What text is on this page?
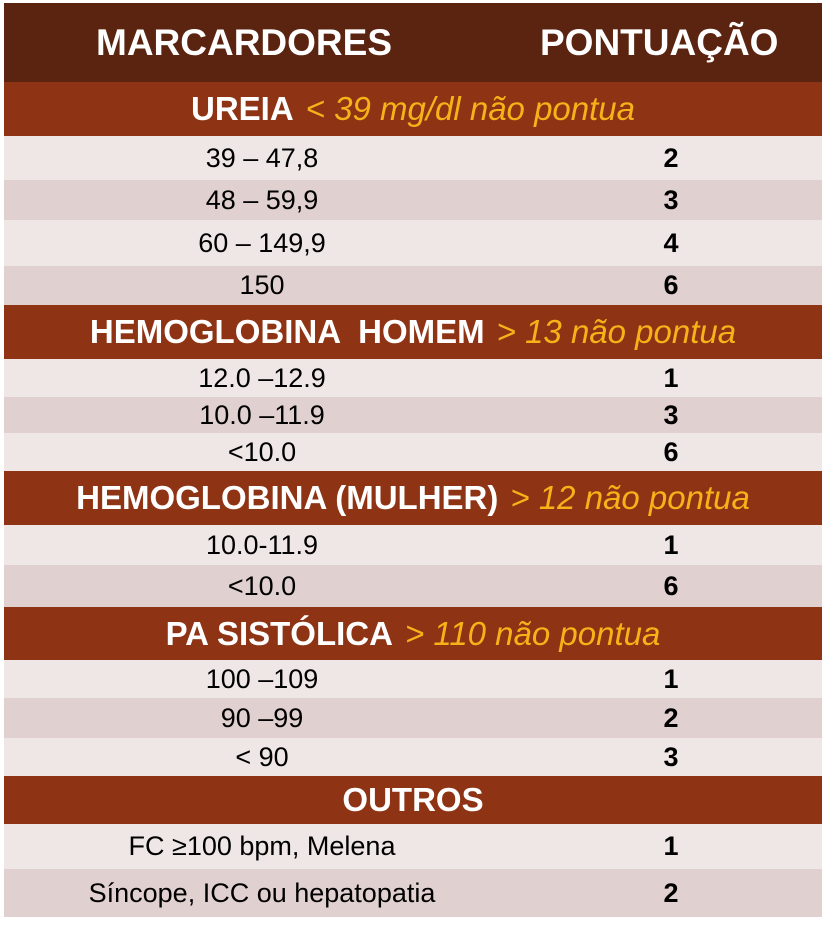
MARCARDORES	PONTUAÇÃO
UREIA < 39 mg/dl não pontua
39 – 47,8	2
48 – 59,9	3
60 – 149,9	4
150	6
HEMOGLOBINA  HOMEM > 13 não pontua
12.0 –12.9	1
10.0 –11.9	3
<10.0	6
HEMOGLOBINA (MULHER) > 12 não pontua
10.0-11.9	1
<10.0	6
PA SISTÓLICA > 110 não pontua
100 –109	1
90 –99	2
< 90	3
OUTROS
FC ≥100 bpm, Melena	1
Síncope, ICC ou hepatopatia	2
